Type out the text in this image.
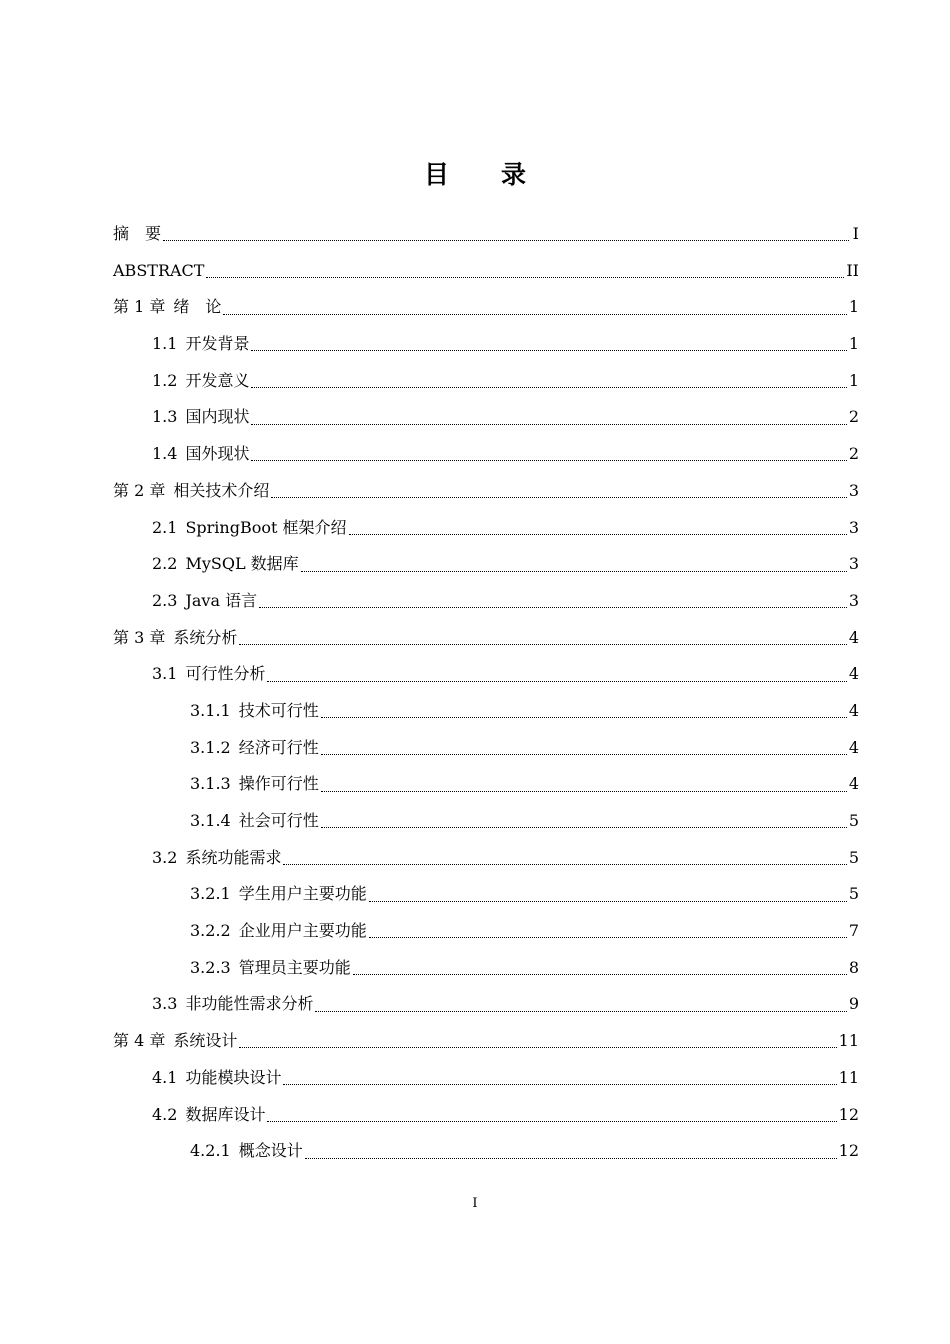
目 录
摘　要	I
ABSTRACT	II
第 1 章 绪　论	1
1.1 开发背景	1
1.2 开发意义	1
1.3 国内现状	2
1.4 国外现状	2
第 2 章 相关技术介绍	3
2.1 SpringBoot 框架介绍	3
2.2 MySQL 数据库	3
2.3 Java 语言	3
第 3 章 系统分析	4
3.1 可行性分析	4
3.1.1 技术可行性	4
3.1.2 经济可行性	4
3.1.3 操作可行性	4
3.1.4 社会可行性	5
3.2 系统功能需求	5
3.2.1 学生用户主要功能	5
3.2.2 企业用户主要功能	7
3.2.3 管理员主要功能	8
3.3 非功能性需求分析	9
第 4 章 系统设计	11
4.1 功能模块设计	11
4.2 数据库设计	12
4.2.1 概念设计	12
I
